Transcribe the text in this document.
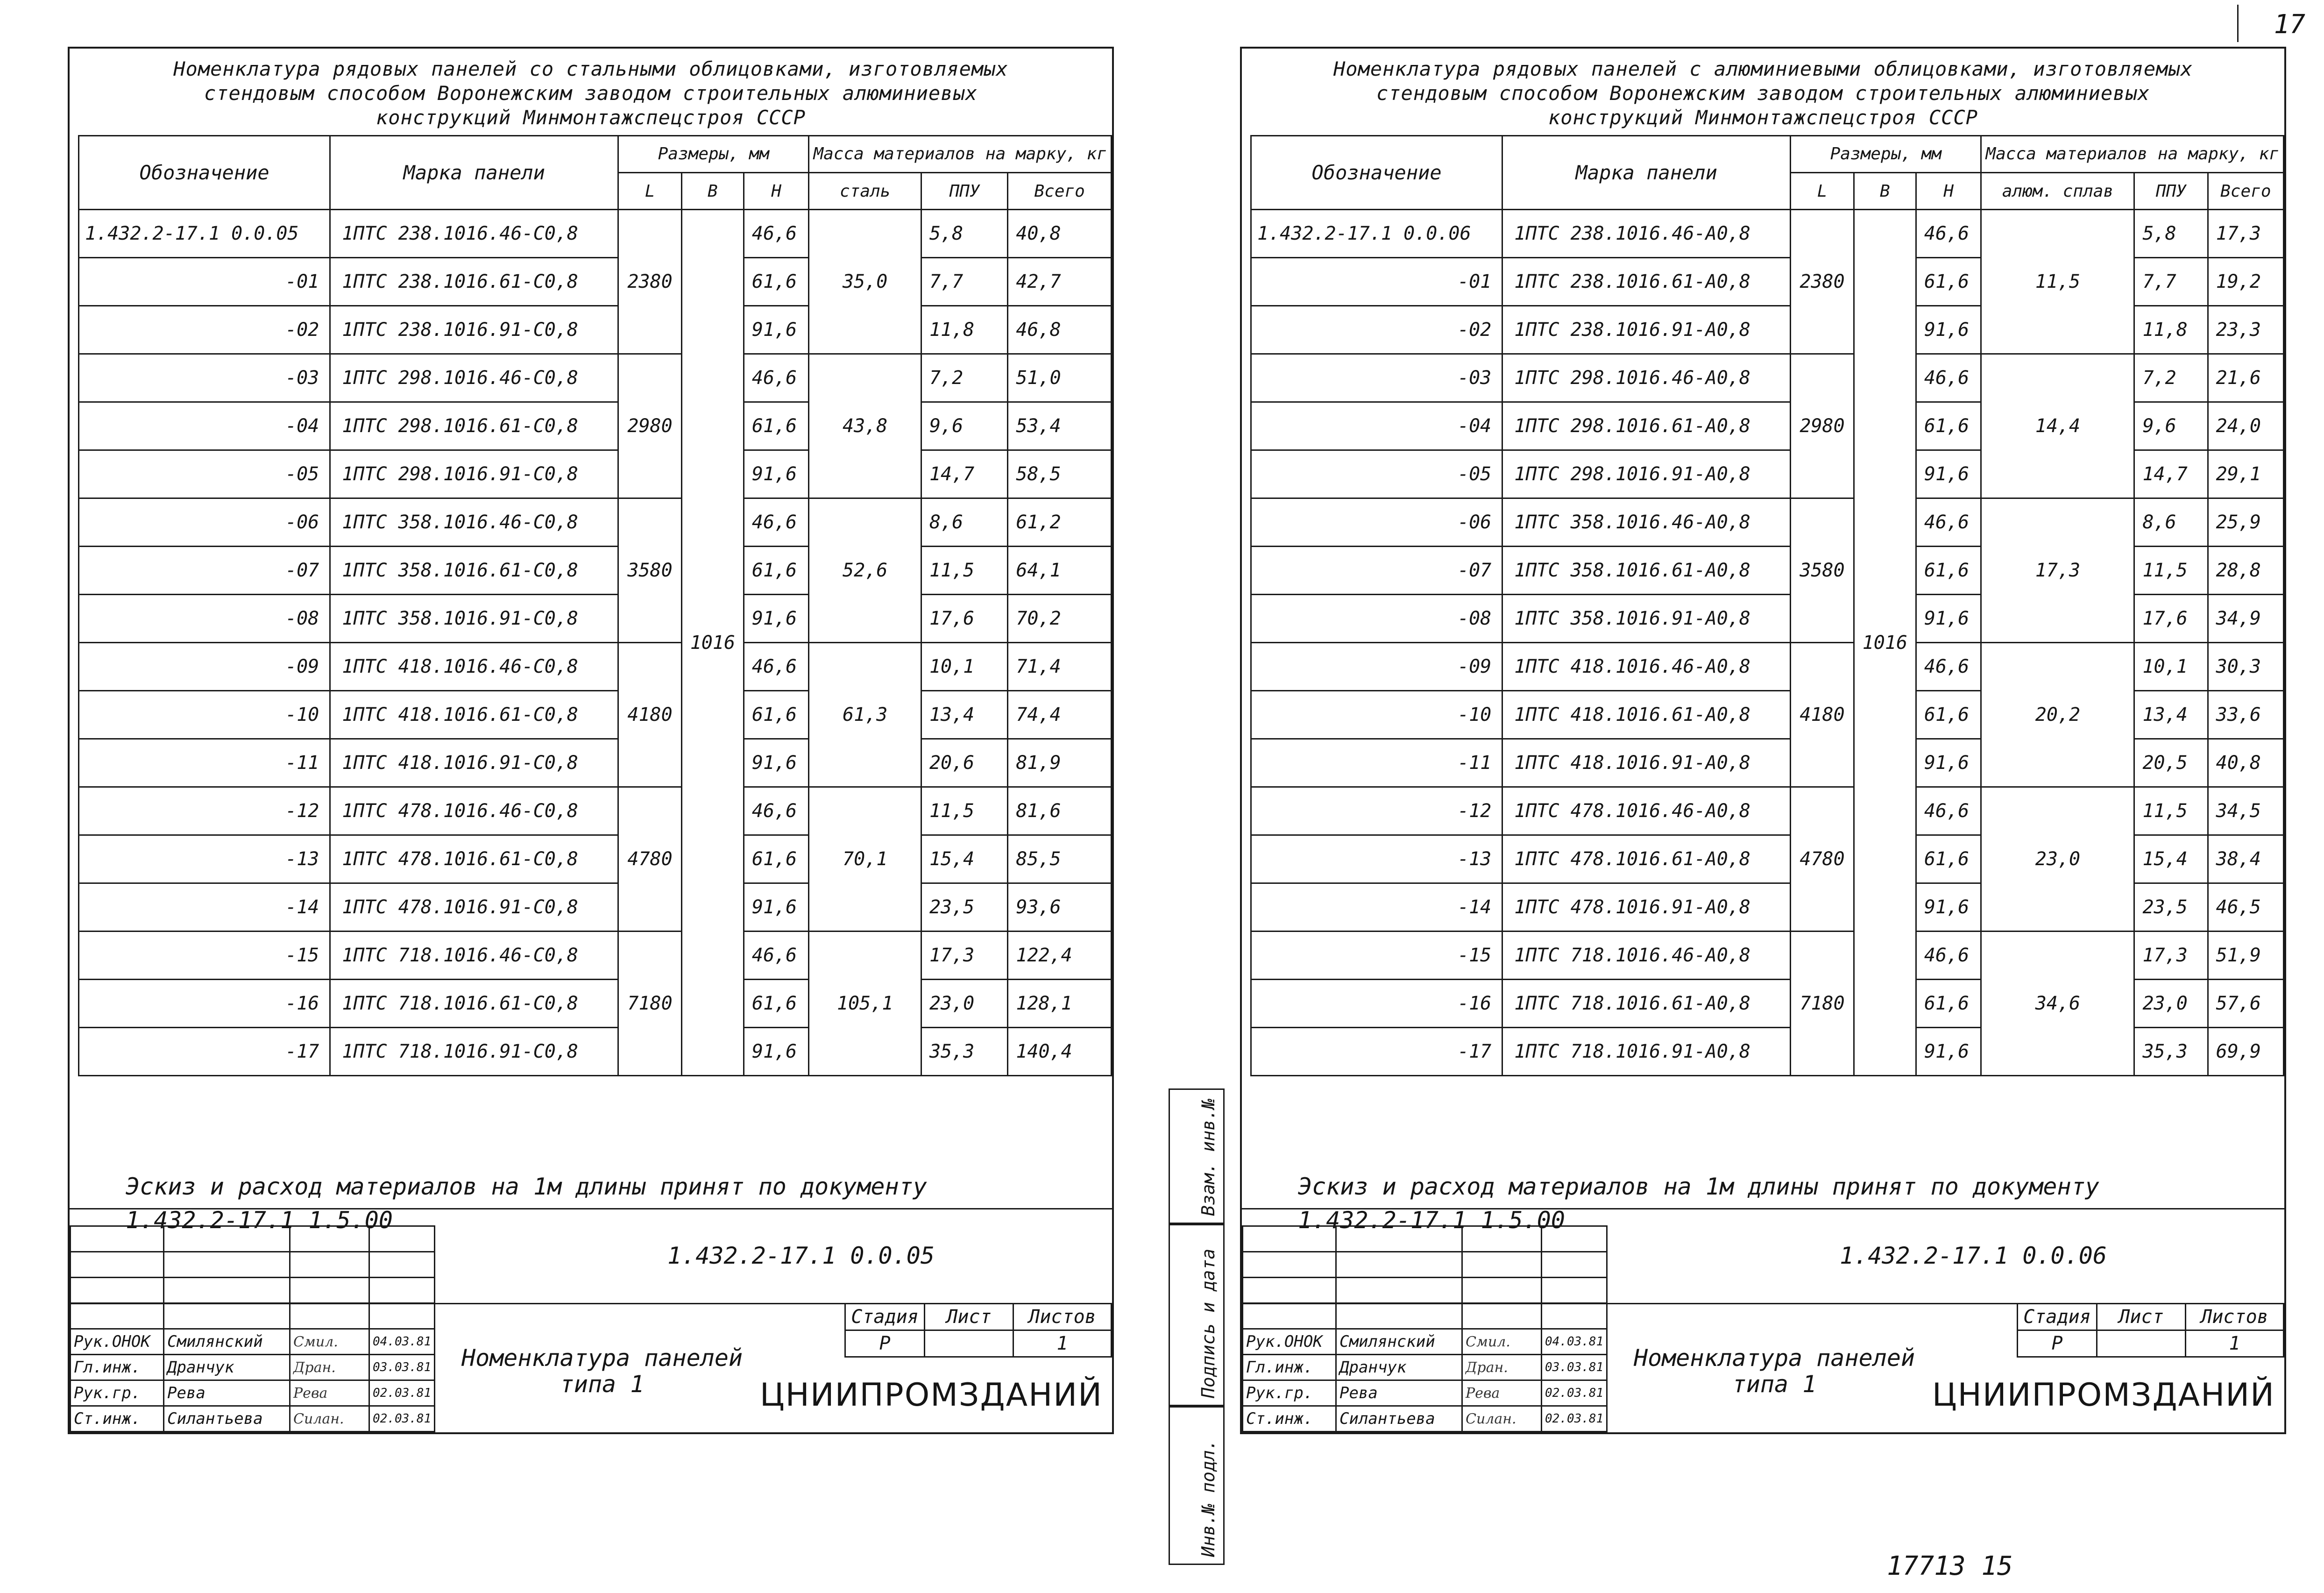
17
Номенклатура рядовых панелей со стальными облицовками, изготовляемых
стендовым способом Воронежским заводом строительных алюминиевых
конструкций Минмонтажспецстроя СССР
Обозначение	Марка панели	Размеры, мм			Масса материалов на марку, кг		
		L	B	H	сталь	ППУ	Всего
1.432.2-17.1 0.0.05	1ПТС 238.1016.46-С0,8	2380	1016	46,6	35,0	5,8	40,8
-01	1ПТС 238.1016.61-С0,8			61,6		7,7	42,7
-02	1ПТС 238.1016.91-С0,8			91,6		11,8	46,8
-03	1ПТС 298.1016.46-С0,8	2980		46,6	43,8	7,2	51,0
-04	1ПТС 298.1016.61-С0,8			61,6		9,6	53,4
-05	1ПТС 298.1016.91-С0,8			91,6		14,7	58,5
-06	1ПТС 358.1016.46-С0,8	3580		46,6	52,6	8,6	61,2
-07	1ПТС 358.1016.61-С0,8			61,6		11,5	64,1
-08	1ПТС 358.1016.91-С0,8			91,6		17,6	70,2
-09	1ПТС 418.1016.46-С0,8	4180		46,6	61,3	10,1	71,4
-10	1ПТС 418.1016.61-С0,8			61,6		13,4	74,4
-11	1ПТС 418.1016.91-С0,8			91,6		20,6	81,9
-12	1ПТС 478.1016.46-С0,8	4780		46,6	70,1	11,5	81,6
-13	1ПТС 478.1016.61-С0,8			61,6		15,4	85,5
-14	1ПТС 478.1016.91-С0,8			91,6		23,5	93,6
-15	1ПТС 718.1016.46-С0,8	7180		46,6	105,1	17,3	122,4
-16	1ПТС 718.1016.61-С0,8			61,6		23,0	128,1
-17	1ПТС 718.1016.91-С0,8			91,6		35,3	140,4
Эскиз и расход материалов на 1м длины принят по документу
1.432.2-17.1 1.5.00
1.432.2-17.1 0.0.05

Рук.ОНОК	Смилянский	Смил.	04.03.81
Гл.инж.	Дранчук	Дран.	03.03.81
Рук.гр.	Рева	Рева	02.03.81
Ст.инж.	Силантьева	Силан.	02.03.81
Номенклатура панелей типа 1
Стадия	Лист	Листов
Р		1
ЦНИИПРОМЗДАНИЙ
Взам. инв.№
Подпись и дата
Инв.№ подл.
Номенклатура рядовых панелей с алюминиевыми облицовками, изготовляемых
стендовым способом Воронежским заводом строительных алюминиевых
конструкций Минмонтажспецстроя СССР
Обозначение	Марка панели	Размеры, мм			Масса материалов на марку, кг		
		L	B	H	алюм. сплав	ППУ	Всего
1.432.2-17.1 0.0.06	1ПТС 238.1016.46-А0,8	2380	1016	46,6	11,5	5,8	17,3
-01	1ПТС 238.1016.61-А0,8			61,6		7,7	19,2
-02	1ПТС 238.1016.91-А0,8			91,6		11,8	23,3
-03	1ПТС 298.1016.46-А0,8	2980		46,6	14,4	7,2	21,6
-04	1ПТС 298.1016.61-А0,8			61,6		9,6	24,0
-05	1ПТС 298.1016.91-А0,8			91,6		14,7	29,1
-06	1ПТС 358.1016.46-А0,8	3580		46,6	17,3	8,6	25,9
-07	1ПТС 358.1016.61-А0,8			61,6		11,5	28,8
-08	1ПТС 358.1016.91-А0,8			91,6		17,6	34,9
-09	1ПТС 418.1016.46-А0,8	4180		46,6	20,2	10,1	30,3
-10	1ПТС 418.1016.61-А0,8			61,6		13,4	33,6
-11	1ПТС 418.1016.91-А0,8			91,6		20,5	40,8
-12	1ПТС 478.1016.46-А0,8	4780		46,6	23,0	11,5	34,5
-13	1ПТС 478.1016.61-А0,8			61,6		15,4	38,4
-14	1ПТС 478.1016.91-А0,8			91,6		23,5	46,5
-15	1ПТС 718.1016.46-А0,8	7180		46,6	34,6	17,3	51,9
-16	1ПТС 718.1016.61-А0,8			61,6		23,0	57,6
-17	1ПТС 718.1016.91-А0,8			91,6		35,3	69,9
Эскиз и расход материалов на 1м длины принят по документу
1.432.2-17.1 1.5.00
1.432.2-17.1 0.0.06

Рук.ОНОК	Смилянский	Смил.	04.03.81
Гл.инж.	Дранчук	Дран.	03.03.81
Рук.гр.	Рева	Рева	02.03.81
Ст.инж.	Силантьева	Силан.	02.03.81
Номенклатура панелей типа 1
Стадия	Лист	Листов
Р		1
ЦНИИПРОМЗДАНИЙ
17713 15
